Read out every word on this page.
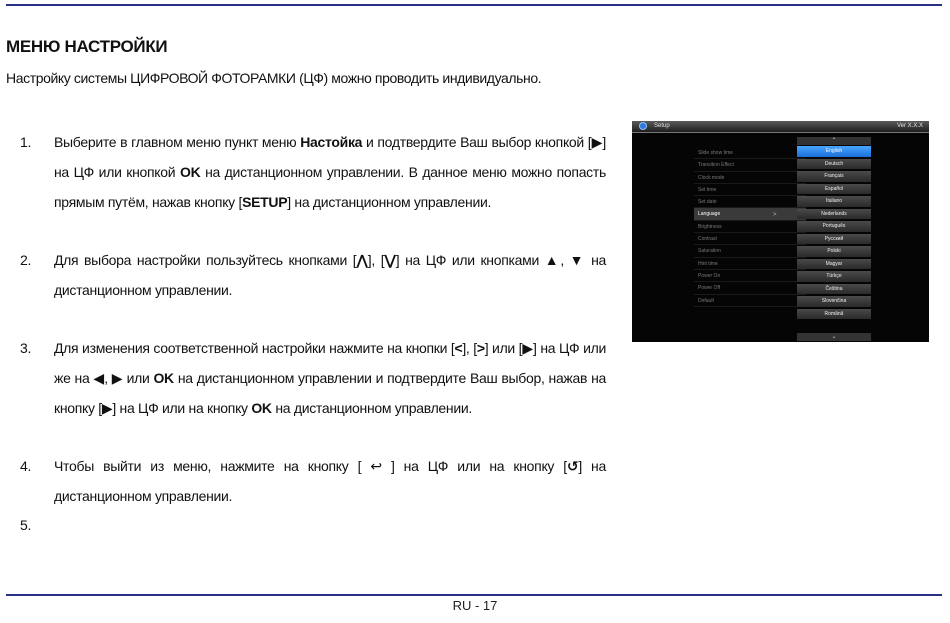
МЕНЮ НАСТРОЙКИ
Настройку системы ЦИФРОВОЙ ФОТОРАМКИ (ЦФ) можно проводить индивидуально.
1.	Выберите в главном меню пункт меню Настойка и подтвердите Ваш выбор кнопкой [▶] на ЦФ или кнопкой OK на дистанционном управлении. В данное меню можно попасть прямым путём, нажав кнопку [SETUP] на дистанционном управлении.
2.	Для выбора настройки пользуйтесь кнопками [⋀], [⋁] на ЦФ или кнопками ▲, ▼ на дистанционном управлении.
3.	Для изменения соответственной настройки нажмите на кнопки [<], [>] или [▶] на ЦФ или же на ◀, ▶ или OK на дистанционном управлении и подтвердите Ваш выбор, нажав на кнопку [▶] на ЦФ или на кнопку OK на дистанционном управлении.
4.	Чтобы выйти из меню, нажмите на кнопку [ ↩ ] на ЦФ или на кнопку [↺] на дистанционном управлении.
5.
Setup	Ver X.X.X
Slide show time
Transition Effect
Clock mode
Set time
Set date
Language
Brightness
Contrast
Saturation
Hint time
Power On
Power Off
Default
>
⌃
English
Deutsch
Français
Español
Italiano
Nederlands
Português
Русский
Polski
Magyar
Türkçe
Čeština
Slovenčina
Română
⌄
RU - 17
